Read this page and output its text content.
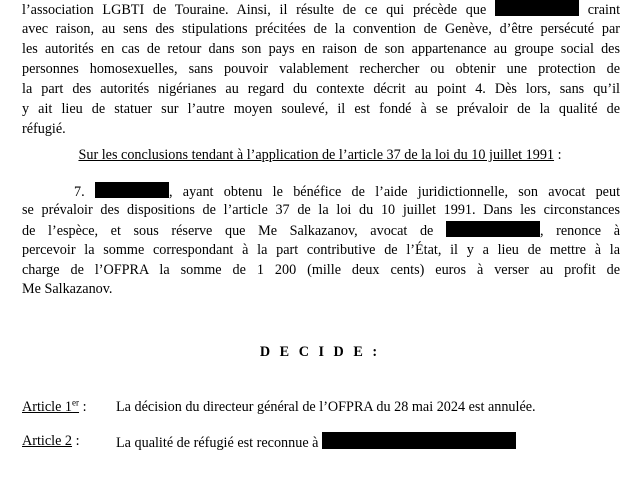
l’association LGBTI de Touraine. Ainsi, il résulte de ce qui précède que	craint
avec raison, au sens des stipulations précitées de la convention de Genève, d’être persécuté par
les autorités en cas de retour dans son pays en raison de son appartenance au groupe social des
personnes homosexuelles, sans pouvoir valablement rechercher ou obtenir une protection de
la part des autorités nigérianes au regard du contexte décrit au point 4. Dès lors, sans qu’il
y ait lieu de statuer sur l’autre moyen soulevé, il est fondé à se prévaloir de la qualité de
réfugié.
Sur les conclusions tendant à l’application de l’article 37 de la loi du 10 juillet 1991 :
7.	, ayant obtenu le bénéfice de l’aide juridictionnelle, son avocat peut
se prévaloir des dispositions de l’article 37 de la loi du 10 juillet 1991. Dans les circonstances
de l’espèce, et sous réserve que Me Salkazanov, avocat de	, renonce à
percevoir la somme correspondant à la part contributive de l’État, il y a lieu de mettre à la
charge de l’OFPRA la somme de 1 200 (mille deux cents) euros à verser au profit de
Me Salkazanov.
D E C I D E :
Article 1er : La décision du directeur général de l’OFPRA du 28 mai 2024 est annulée.
Article 2 :	La qualité de réfugié est reconnue à
